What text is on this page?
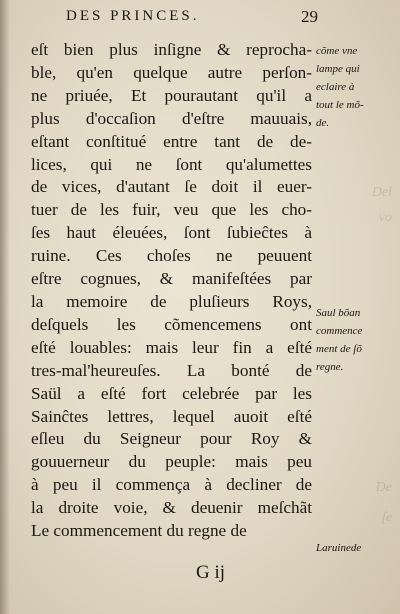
Del
vo
De
ſe
DES PRINCES.	29
eſt bien plus inſigne & reprocha-
ble, qu'en quelque autre perſon-
ne priuée, Et pourautant qu'il a
plus d'occaſion d'eſtre mauuais,
eſtant conſtitué entre tant de de-
lices, qui ne ſont qu'alumettes
de vices, d'autant ſe doit il euer-
tuer de les fuir, veu que les cho-
ſes haut éleuées, ſont ſubieĉtes à
ruine. Ces choſes ne peuuent
eſtre cognues, & manifeſtées par
la memoire de pluſieurs Roys,
deſquels les cõmencemens ont
eſté louables: mais leur fin a eſté
tres-mal'heureuſes. La bonté de
Saül a eſté fort celebrée par les
Sainĉtes lettres, lequel auoit eſté
eſleu du Seigneur pour Roy &
gouuerneur du peuple: mais peu
à peu il commença à decliner de
la droite voie, & deuenir meſchãt
Le commencement du regne de
cõme vne
lampe qui
eclaire à
tout le mõ-
de.
Saul bõan
commence
ment de ſõ
regne.
Laruinede
G ij
